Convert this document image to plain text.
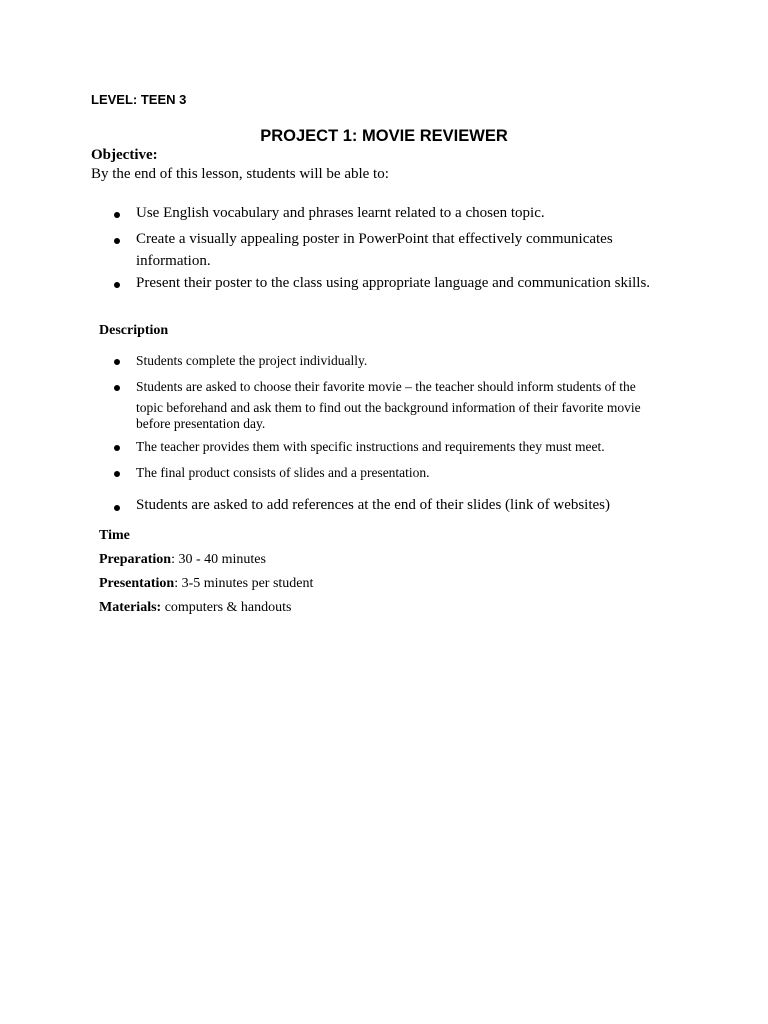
LEVEL: TEEN 3
PROJECT 1: MOVIE REVIEWER
Objective:
By the end of this lesson, students will be able to:
Use English vocabulary and phrases learnt related to a chosen topic.
Create a visually appealing poster in PowerPoint that effectively communicates
information.
Present their poster to the class using appropriate language and communication skills.
Description
Students complete the project individually.
Students are asked to choose their favorite movie – the teacher should inform students of the
topic beforehand and ask them to find out the background information of their favorite movie
before presentation day.
The teacher provides them with specific instructions and requirements they must meet.
The final product consists of slides and a presentation.
Students are asked to add references at the end of their slides (link of websites)
Time
Preparation: 30 - 40 minutes
Presentation: 3-5 minutes per student
Materials: computers & handouts
